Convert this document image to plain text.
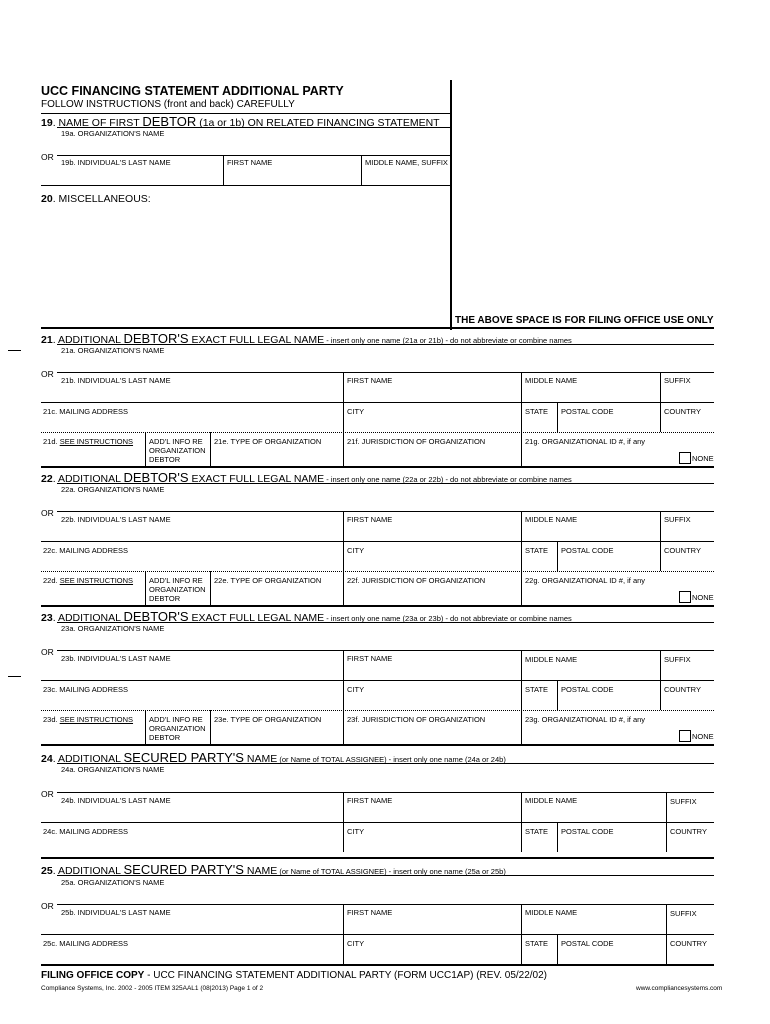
UCC FINANCING STATEMENT ADDITIONAL PARTY
FOLLOW INSTRUCTIONS (front and back) CAREFULLY
19. NAME OF FIRST DEBTOR (1a or 1b) ON RELATED FINANCING STATEMENT
19a. ORGANIZATION'S NAME
OR
19b. INDIVIDUAL'S LAST NAME	FIRST NAME	MIDDLE NAME, SUFFIX
20. MISCELLANEOUS:
THE ABOVE SPACE IS FOR FILING OFFICE USE ONLY
21. ADDITIONAL DEBTOR'S EXACT FULL LEGAL NAME - insert only one name (21a or 21b) - do not abbreviate or combine names
21a. ORGANIZATION'S NAME
OR
21b. INDIVIDUAL'S LAST NAME	FIRST NAME	MIDDLE NAME	SUFFIX
21c. MAILING ADDRESS	CITY	STATE POSTAL CODE	COUNTRY
21d. SEE INSTRUCTIONS ADD'L INFO RE
ORGANIZATION
DEBTOR
21e. TYPE OF ORGANIZATION	21f. JURISDICTION OF ORGANIZATION	21g. ORGANIZATIONAL ID #, if any
NONE
22. ADDITIONAL DEBTOR'S EXACT FULL LEGAL NAME - insert only one name (22a or 22b) - do not abbreviate or combine names
22a. ORGANIZATION'S NAME
OR
22b. INDIVIDUAL'S LAST NAME	FIRST NAME	MIDDLE NAME	SUFFIX
22c. MAILING ADDRESS	CITY	STATE POSTAL CODE	COUNTRY
22d. SEE INSTRUCTIONS ADD'L INFO RE
ORGANIZATION
DEBTOR
22e. TYPE OF ORGANIZATION	22f. JURISDICTION OF ORGANIZATION	22g. ORGANIZATIONAL ID #, if any
NONE
23. ADDITIONAL DEBTOR'S EXACT FULL LEGAL NAME - insert only one name (23a or 23b) - do not abbreviate or combine names
23a. ORGANIZATION'S NAME
OR
23b. INDIVIDUAL'S LAST NAME	FIRST NAME	MIDDLE NAME	SUFFIX
23c. MAILING ADDRESS	CITY	STATE POSTAL CODE	COUNTRY
23d. SEE INSTRUCTIONS ADD'L INFO RE
ORGANIZATION
DEBTOR
23e. TYPE OF ORGANIZATION	23f. JURISDICTION OF ORGANIZATION	23g. ORGANIZATIONAL ID #, if any
NONE
24. ADDITIONAL SECURED PARTY'S NAME (or Name of TOTAL ASSIGNEE) - insert only one name (24a or 24b)
24a. ORGANIZATION'S NAME
OR
24b. INDIVIDUAL'S LAST NAME	FIRST NAME	MIDDLE NAME	SUFFIX
24c. MAILING ADDRESS	CITY	STATE POSTAL CODE	COUNTRY
25. ADDITIONAL SECURED PARTY'S NAME (or Name of TOTAL ASSIGNEE) - insert only one name (25a or 25b)
25a. ORGANIZATION'S NAME
OR
25b. INDIVIDUAL'S LAST NAME	FIRST NAME	MIDDLE NAME	SUFFIX
25c. MAILING ADDRESS	CITY	STATE POSTAL CODE	COUNTRY
FILING OFFICE COPY - UCC FINANCING STATEMENT ADDITIONAL PARTY (FORM UCC1AP) (REV. 05/22/02)
Compliance Systems, Inc. 2002 - 2005 ITEM 325AAL1 (08|2013) Page 1 of 2	www.compliancesystems.com
